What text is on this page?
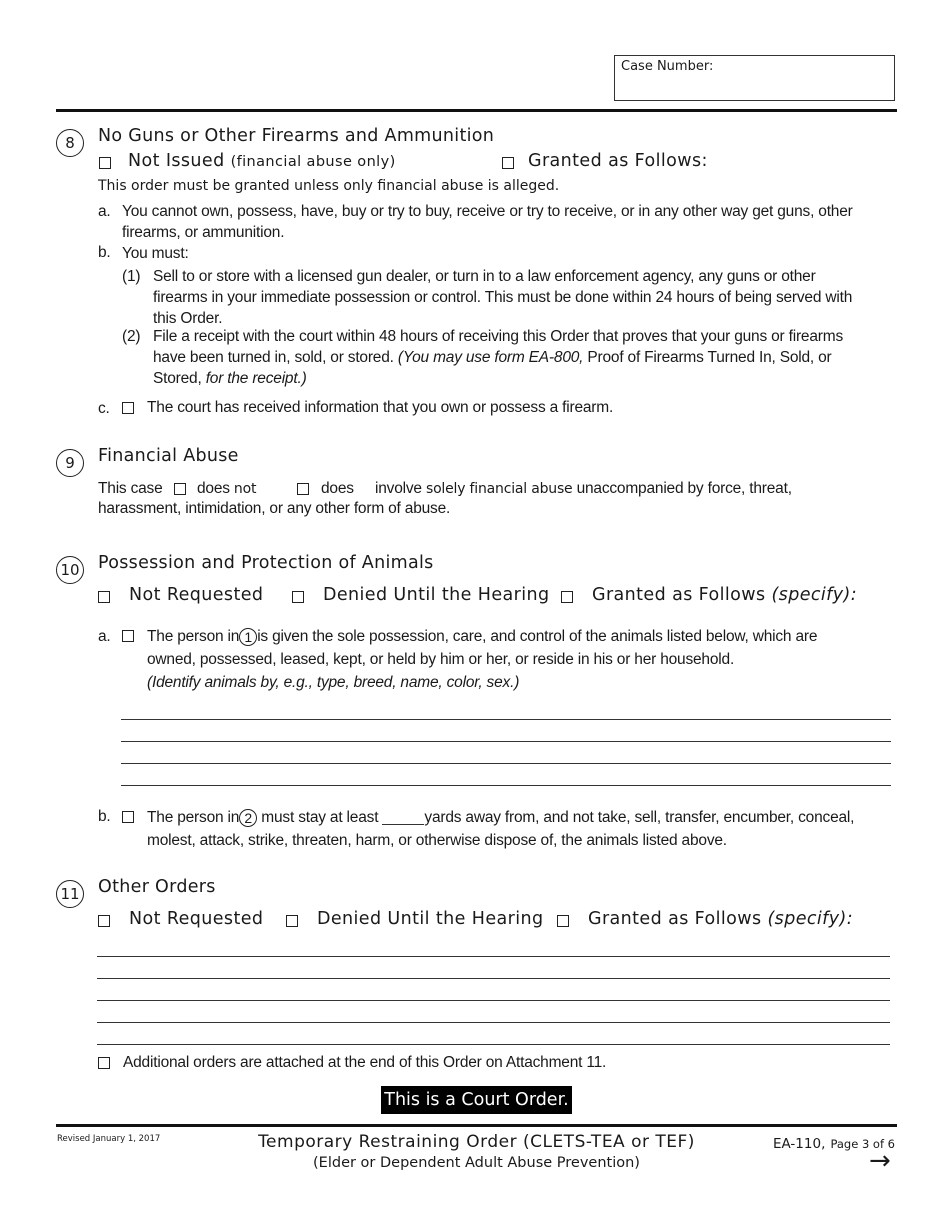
Case Number:
8	No Guns or Other Firearms and Ammunition
Not Issued (financial abuse only)	Granted as Follows:
This order must be granted unless only financial abuse is alleged.
a. You cannot own, possess, have, buy or try to buy, receive or try to receive, or in any other way get guns, other
firearms, or ammunition.
b. You must:
(1) Sell to or store with a licensed gun dealer, or turn in to a law enforcement agency, any guns or other
firearms in your immediate possession or control. This must be done within 24 hours of being served with
this Order.
(2) File a receipt with the court within 48 hours of receiving this Order that proves that your guns or firearms
have been turned in, sold, or stored. (You may use form EA-800, Proof of Firearms Turned In, Sold, or
Stored, for the receipt.)
c. The court has received information that you own or possess a firearm.
9	Financial Abuse
This case does not	does involve solely financial abuse unaccompanied by force, threat,
harassment, intimidation, or any other form of abuse.
10 Possession and Protection of Animals
Not Requested	Denied Until the Hearing Granted as Follows (specify):
a. The person in 1 is given the sole possession, care, and control of the animals listed below, which are
owned, possessed, leased, kept, or held by him or her, or reside in his or her household.
(Identify animals by, e.g., type, breed, name, color, sex.)
b. The person in 2 must stay at least	yards away from, and not take, sell, transfer, encumber, conceal,
molest, attack, strike, threaten, harm, or otherwise dispose of, the animals listed above.
11 Other Orders
Not Requested	Denied Until the Hearing	Granted as Follows (specify):
Additional orders are attached at the end of this Order on Attachment 11.
This is a Court Order.
Revised January 1, 2017	Temporary Restraining Order (CLETS-TEA or TEF)
(Elder or Dependent Adult Abuse Prevention)
EA-110, Page 3 of 6
→
